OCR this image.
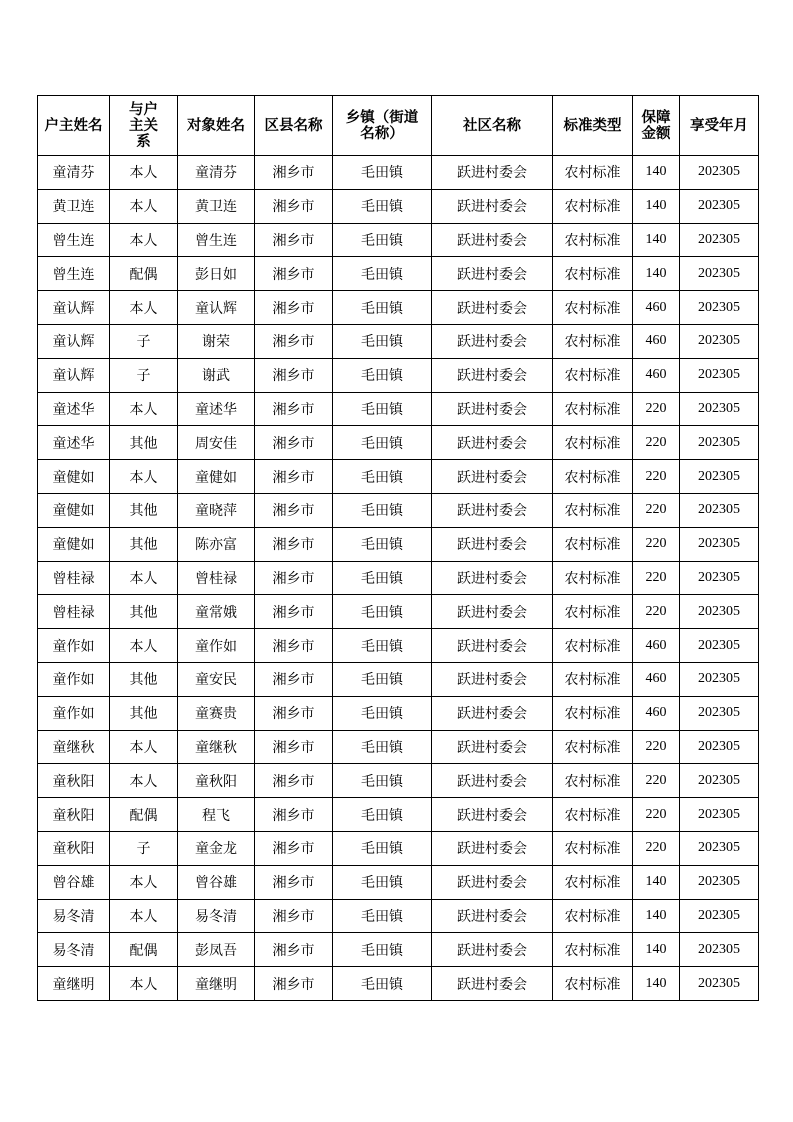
户主姓名	与户主关系	对象姓名	区县名称	乡镇（街道名称）	社区名称	标准类型	保障金额	享受年月
童清芬	本人	童清芬	湘乡市	毛田镇	跃进村委会	农村标准	140	202305
黄卫连	本人	黄卫连	湘乡市	毛田镇	跃进村委会	农村标准	140	202305
曾生连	本人	曾生连	湘乡市	毛田镇	跃进村委会	农村标准	140	202305
曾生连	配偶	彭日如	湘乡市	毛田镇	跃进村委会	农村标准	140	202305
童认辉	本人	童认辉	湘乡市	毛田镇	跃进村委会	农村标准	460	202305
童认辉	子	谢荣	湘乡市	毛田镇	跃进村委会	农村标准	460	202305
童认辉	子	谢武	湘乡市	毛田镇	跃进村委会	农村标准	460	202305
童述华	本人	童述华	湘乡市	毛田镇	跃进村委会	农村标准	220	202305
童述华	其他	周安佳	湘乡市	毛田镇	跃进村委会	农村标准	220	202305
童健如	本人	童健如	湘乡市	毛田镇	跃进村委会	农村标准	220	202305
童健如	其他	童晓萍	湘乡市	毛田镇	跃进村委会	农村标准	220	202305
童健如	其他	陈亦富	湘乡市	毛田镇	跃进村委会	农村标准	220	202305
曾桂禄	本人	曾桂禄	湘乡市	毛田镇	跃进村委会	农村标准	220	202305
曾桂禄	其他	童常娥	湘乡市	毛田镇	跃进村委会	农村标准	220	202305
童作如	本人	童作如	湘乡市	毛田镇	跃进村委会	农村标准	460	202305
童作如	其他	童安民	湘乡市	毛田镇	跃进村委会	农村标准	460	202305
童作如	其他	童赛贵	湘乡市	毛田镇	跃进村委会	农村标准	460	202305
童继秋	本人	童继秋	湘乡市	毛田镇	跃进村委会	农村标准	220	202305
童秋阳	本人	童秋阳	湘乡市	毛田镇	跃进村委会	农村标准	220	202305
童秋阳	配偶	程飞	湘乡市	毛田镇	跃进村委会	农村标准	220	202305
童秋阳	子	童金龙	湘乡市	毛田镇	跃进村委会	农村标准	220	202305
曾谷雄	本人	曾谷雄	湘乡市	毛田镇	跃进村委会	农村标准	140	202305
易冬清	本人	易冬清	湘乡市	毛田镇	跃进村委会	农村标准	140	202305
易冬清	配偶	彭凤吾	湘乡市	毛田镇	跃进村委会	农村标准	140	202305
童继明	本人	童继明	湘乡市	毛田镇	跃进村委会	农村标准	140	202305
